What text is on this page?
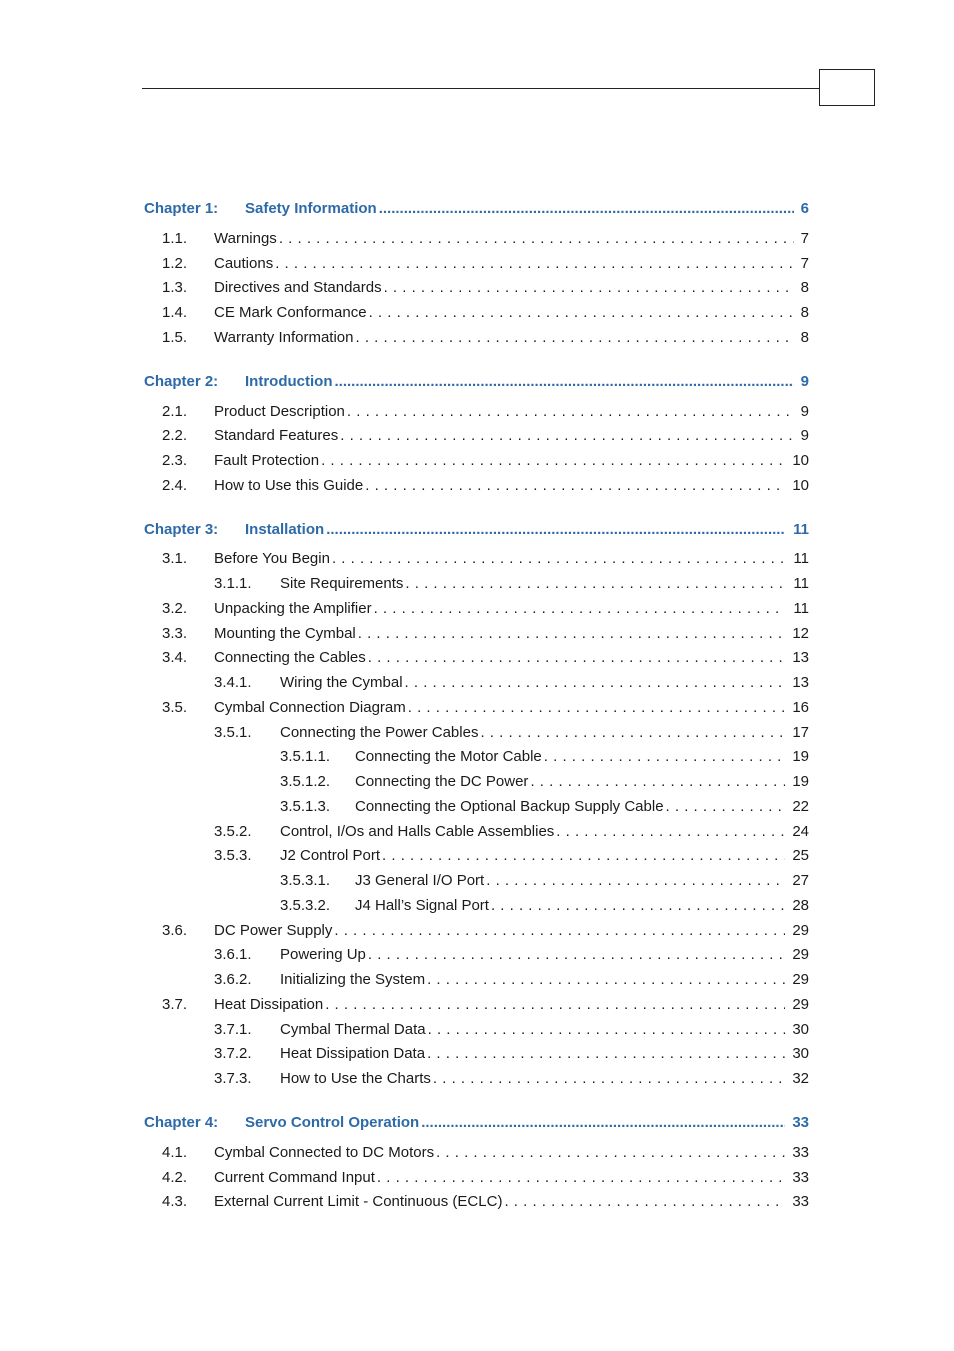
Chapter 1: Safety Information .....	6
1.1. Warnings . . .	7
1.2. Cautions . . .	7
1.3. Directives and Standards . . .	8
1.4. CE Mark Conformance . . .	8
1.5. Warranty Information . . .	8
Chapter 2: Introduction .....	9
2.1. Product Description . . .	9
2.2. Standard Features . . .	9
2.3. Fault Protection . . .	10
2.4. How to Use this Guide . . .	10
Chapter 3: Installation .....	11
3.1. Before You Begin . . .	11
3.1.1. Site Requirements . . .	11
3.2. Unpacking the Amplifier . . .	11
3.3. Mounting the Cymbal . . .	12
3.4. Connecting the Cables . . .	13
3.4.1. Wiring the Cymbal . . .	13
3.5. Cymbal Connection Diagram . . .	16
3.5.1. Connecting the Power Cables . . .	17
3.5.1.1. Connecting the Motor Cable . . .	19
3.5.1.2. Connecting the DC Power . . .	19
3.5.1.3. Connecting the Optional Backup Supply Cable . . .	22
3.5.2. Control, I/Os and Halls Cable Assemblies . . .	24
3.5.3. J2 Control Port . . .	25
3.5.3.1. J3 General I/O Port . . .	27
3.5.3.2. J4 Hall’s Signal Port . . .	28
3.6. DC Power Supply . . .	29
3.6.1. Powering Up . . .	29
3.6.2. Initializing the System . . .	29
3.7. Heat Dissipation . . .	29
3.7.1. Cymbal Thermal Data . . .	30
3.7.2. Heat Dissipation Data . . .	30
3.7.3. How to Use the Charts . . .	32
Chapter 4: Servo Control Operation .....	33
4.1. Cymbal Connected to DC Motors . . .	33
4.2. Current Command Input . . .	33
4.3. External Current Limit - Continuous (ECLC) . . .	33
